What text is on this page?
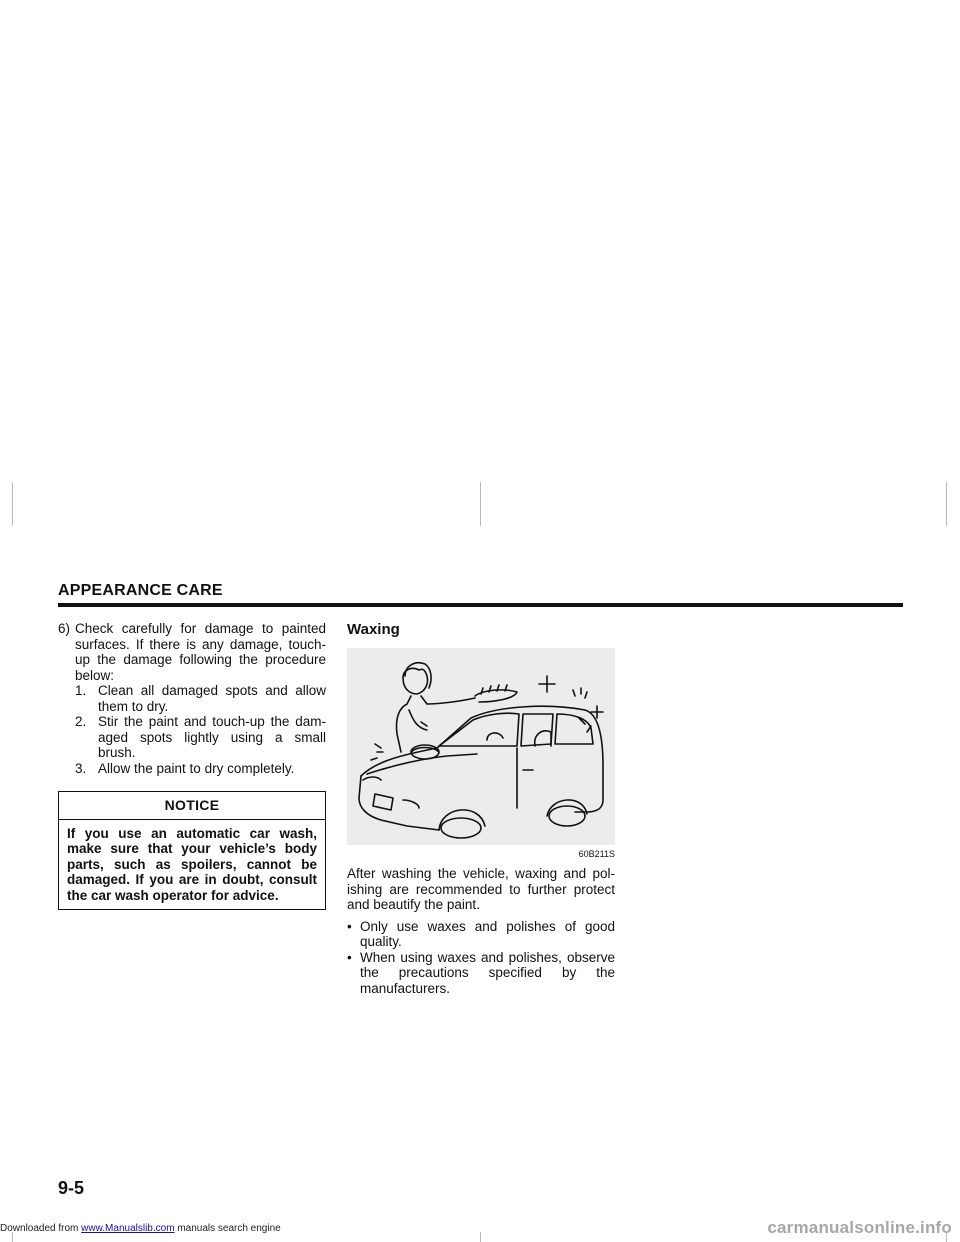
APPEARANCE CARE
6) Check carefully for damage to painted surfaces. If there is any damage, touch-up the damage following the procedure below:
1. Clean all damaged spots and allow them to dry.
2. Stir the paint and touch-up the dam-aged spots lightly using a small brush.
3. Allow the paint to dry completely.
NOTICE
If you use an automatic car wash, make sure that your vehicle’s body parts, such as spoilers, cannot be damaged. If you are in doubt, consult the car wash operator for advice.
Waxing
60B211S

After washing the vehicle, waxing and pol-ishing are recommended to further protect and beautify the paint.

• Only use waxes and polishes of good quality.
• When using waxes and polishes, observe the precautions specified by the manufacturers.
9-5
Downloaded from www.Manualslib.com manuals search engine	carmanualsonline.info
